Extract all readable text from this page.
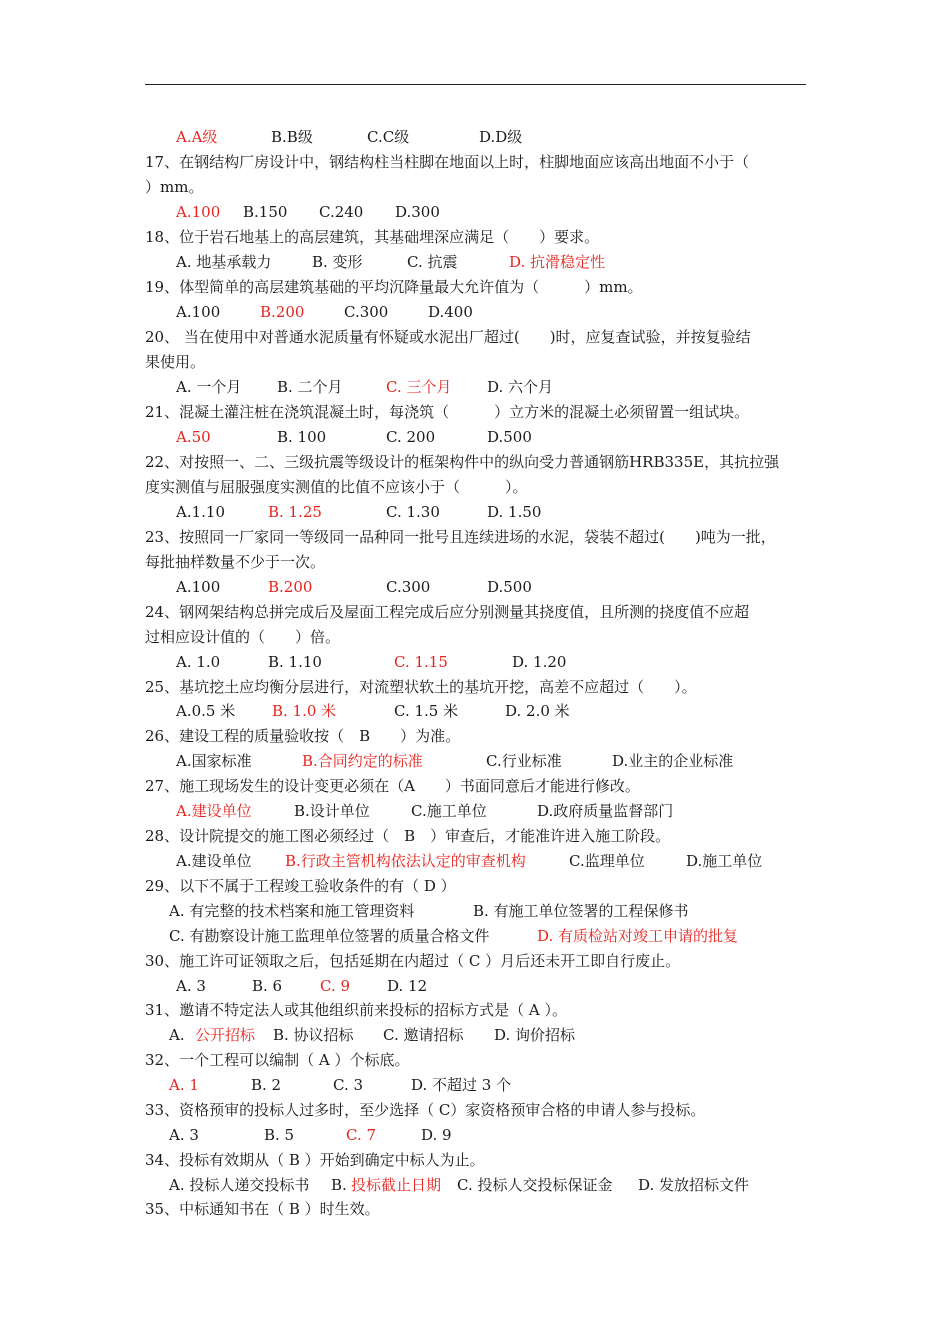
A.A级	B.B级	C.C级	D.D级
17、在钢结构厂房设计中，钢结构柱当柱脚在地面以上时，柱脚地面应该高出地面不小于（
）mm。
A.100 B.150 C.240 D.300
18、位于岩石地基上的高层建筑，其基础埋深应满足（　　）要求。
A. 地基承载力	B. 变形	C. 抗震	D. 抗滑稳定性
19、体型简单的高层建筑基础的平均沉降量最大允许值为（　　　）mm。
A.100	B.200	C.300	D.400
20、 当在使用中对普通水泥质量有怀疑或水泥出厂超过(　　)时，应复查试验，并按复验结
果使用。
A. 一个月 B. 二个月	C. 三个月 D. 六个月
21、混凝土灌注桩在浇筑混凝土时，每浇筑（　　　）立方米的混凝土必须留置一组试块。
A.50	B. 100	C. 200	D.500
22、对按照一、二、三级抗震等级设计的框架构件中的纵向受力普通钢筋HRB335E，其抗拉强
度实测值与屈服强度实测值的比值不应该小于（　　　）。
A.1.10	B. 1.25	C. 1.30	D. 1.50
23、按照同一厂家同一等级同一品种同一批号且连续进场的水泥，袋装不超过(　　)吨为一批，
每批抽样数量不少于一次。
A.100	B.200	C.300	D.500
24、钢网架结构总拼完成后及屋面工程完成后应分别测量其挠度值，且所测的挠度值不应超
过相应设计值的（　　）倍。
A. 1.0	B. 1.10	C. 1.15	D. 1.20
25、基坑挖土应均衡分层进行，对流塑状软土的基坑开挖，高差不应超过（　　）。
A.0.5 米 B. 1.0 米	C. 1.5 米	D. 2.0 米
26、建设工程的质量验收按（　B　　）为准。
A.国家标准	B.合同约定的标准	C.行业标准	D.业主的企业标准
27、施工现场发生的设计变更必须在（A　　）书面同意后才能进行修改。
A.建设单位	B.设计单位	C.施工单位	D.政府质量监督部门
28、设计院提交的施工图必须经过（　B　）审查后，才能准许进入施工阶段。
A.建设单位 B.行政主管机构依法认定的审查机构	C.监理单位	D.施工单位
29、以下不属于工程竣工验收条件的有（ D ）
A. 有完整的技术档案和施工管理资料	B. 有施工单位签署的工程保修书
C. 有勘察设计施工监理单位签署的质量合格文件	D. 有质检站对竣工申请的批复
30、施工许可证领取之后，包括延期在内超过（ C ）月后还未开工即自行废止。
A. 3	B. 6	C. 9 D. 12
31、邀请不特定法人或其他组织前来投标的招标方式是（ A ）。
A.公开招标 B. 协议招标 C. 邀请招标 D. 询价招标
32、一个工程可以编制（ A ）个标底。
A. 1	B. 2	C. 3	D. 不超过 3 个
33、资格预审的投标人过多时，至少选择（ C）家资格预审合格的申请人参与投标。
A. 3	B. 5	C. 7	D. 9
34、投标有效期从（ B ）开始到确定中标人为止。
A. 投标人递交投标书 B.投标截止日期 C. 投标人交投标保证金 D. 发放招标文件
35、中标通知书在（ B ）时生效。
